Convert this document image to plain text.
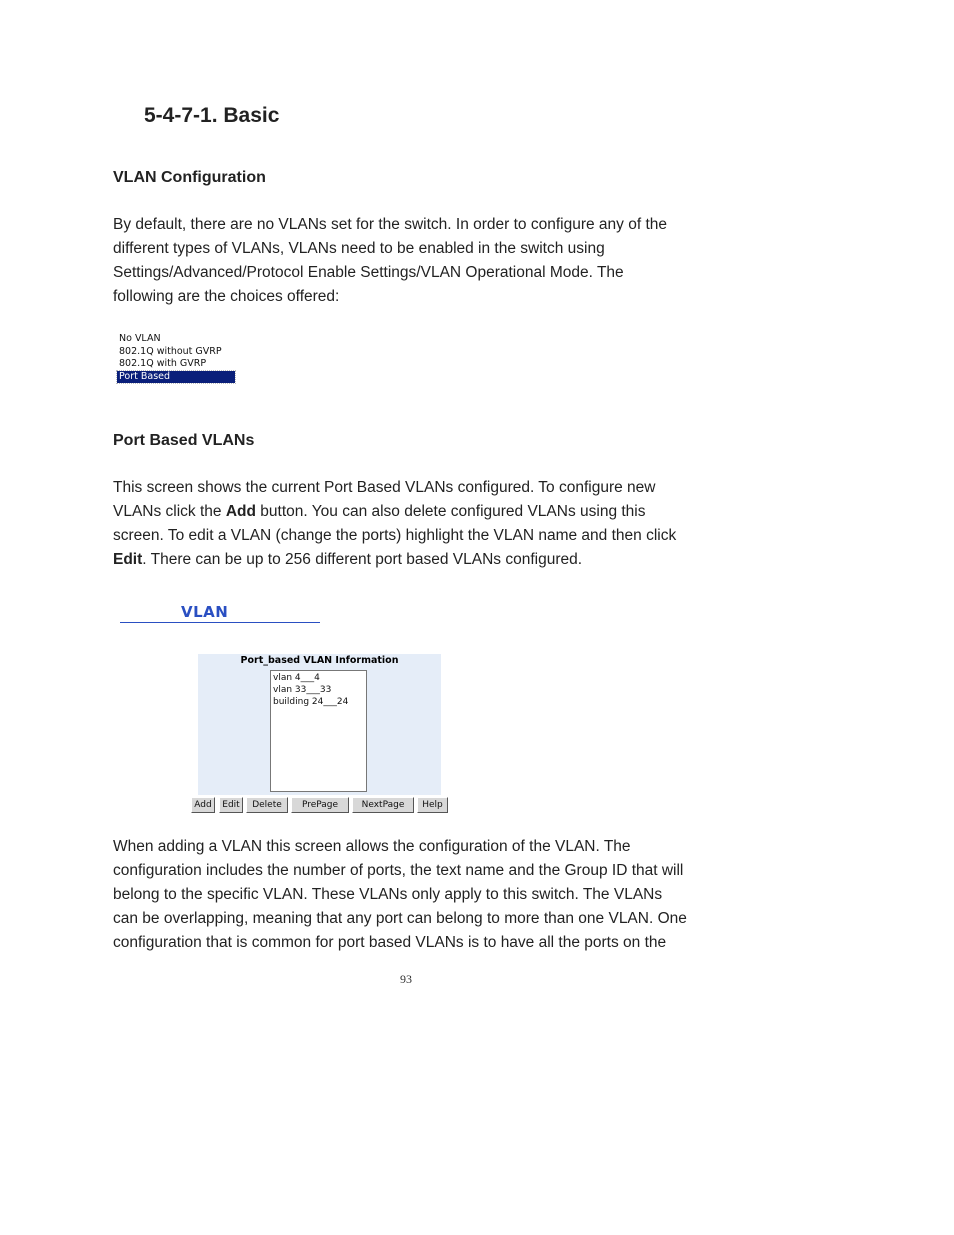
5-4-7-1. Basic
VLAN Configuration
By default, there are no VLANs set for the switch. In order to configure any of the
different types of VLANs, VLANs need to be enabled in the switch using
Settings/Advanced/Protocol Enable Settings/VLAN Operational Mode. The
following are the choices offered:
No VLAN
802.1Q without GVRP
802.1Q with GVRP
Port Based
Port Based VLANs
This screen shows the current Port Based VLANs configured. To configure new
VLANs click the Add button. You can also delete configured VLANs using this
screen. To edit a VLAN (change the ports) highlight the VLAN name and then click
Edit. There can be up to 256 different port based VLANs configured.
VLAN
Port_based VLAN Information
vlan 4___4
vlan 33___33
building 24___24
Add	Edit	Delete	PrePage	NextPage	Help
When adding a VLAN this screen allows the configuration of the VLAN. The
configuration includes the number of ports, the text name and the Group ID that will
belong to the specific VLAN. These VLANs only apply to this switch. The VLANs
can be overlapping, meaning that any port can belong to more than one VLAN. One
configuration that is common for port based VLANs is to have all the ports on the
93
